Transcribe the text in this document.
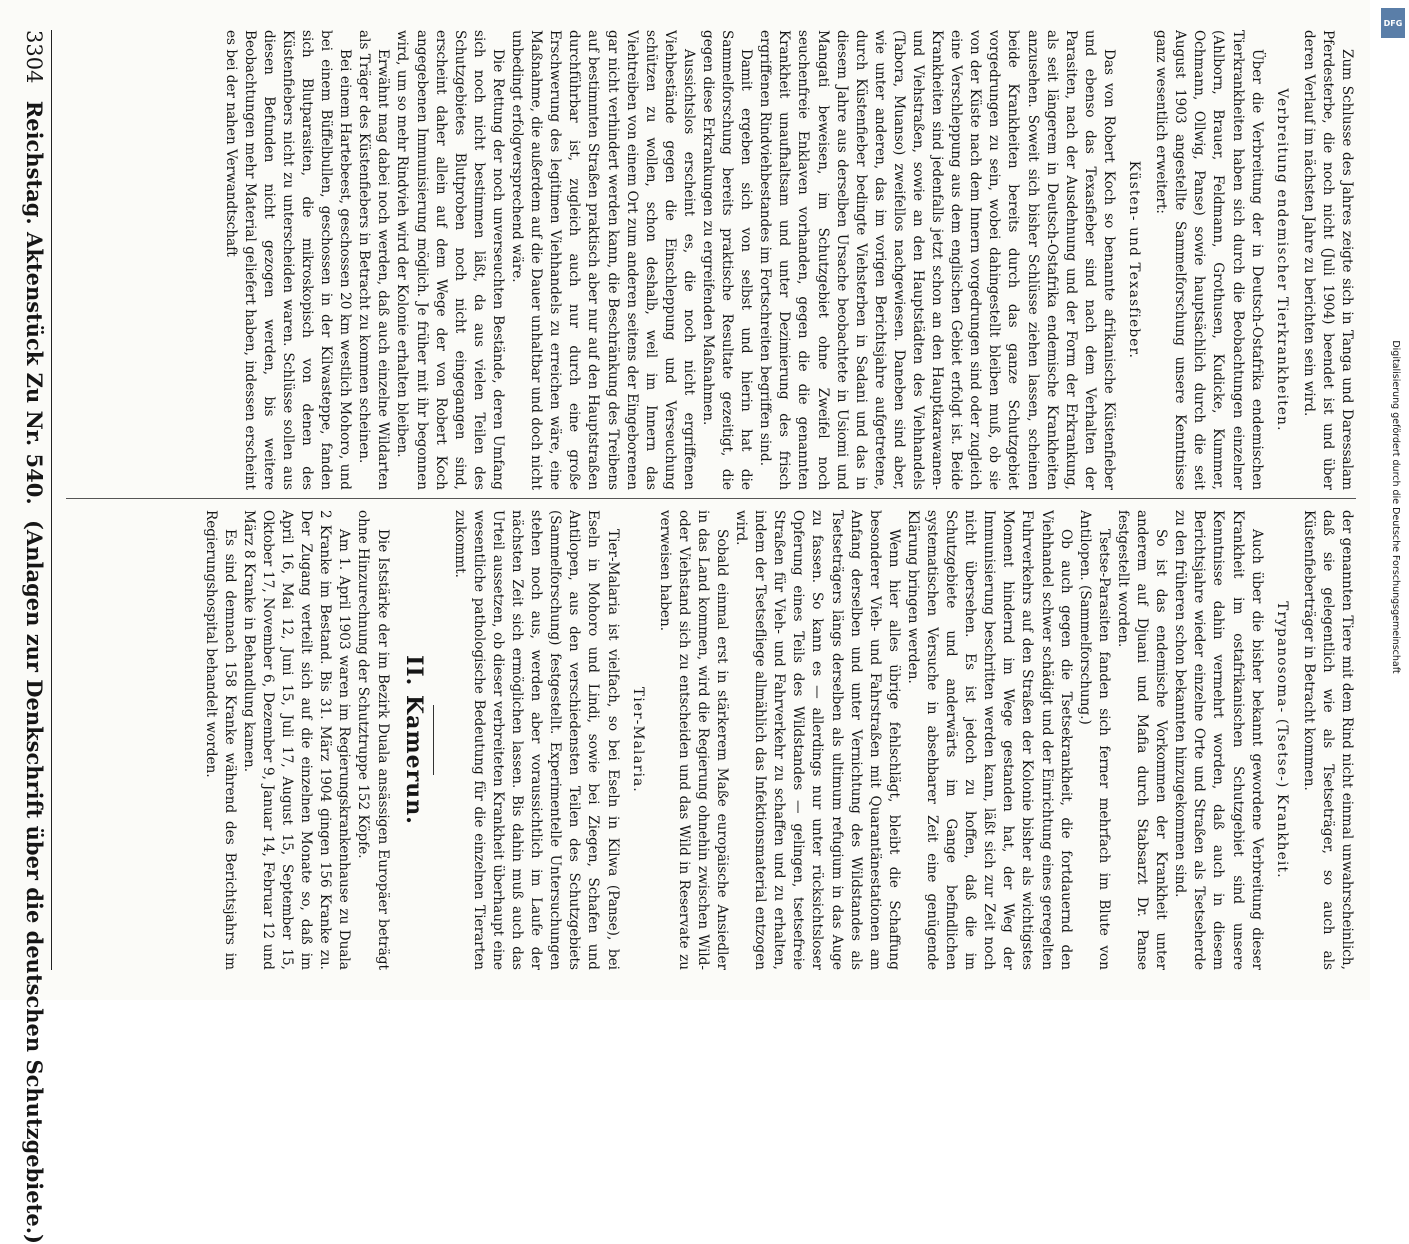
Zum Schlusse des Jahres zeigte sich in Tanga und Daressalam Pferdesterbe, die noch nicht (Juli 1904) beendet ist und über deren Verlauf im nächsten Jahre zu berichten sein wird.

Verbreitung endemischer Tierkrankheiten.

Über die Verbreitung der in Deutsch-Ostafrika endemischen Tierkrankheiten haben sich durch die Beobachtungen einzelner (Ahlborn, Brauer, Feldmann, Grothusen, Kudicke, Kummer, Ochmann, Ollwig, Panse) sowie hauptsächlich durch die seit August 1903 angestellte Sammelforschung unsere Kenntnisse ganz wesentlich erweitert:

Küsten- und Texasfieber.

Das von Robert Koch so benannte afrikanische Küstenfieber und ebenso das Texasfieber sind nach dem Verhalten der Parasiten, nach der Ausdehnung und der Form der Erkrankung, als seit längerem in Deutsch-Ostafrika endemische Krankheiten anzusehen. Soweit sich bisher Schlüsse ziehen lassen, scheinen beide Krankheiten bereits durch das ganze Schutzgebiet vorgedrungen zu sein, wobei dahingestellt bleiben muß, ob sie von der Küste nach dem Innern vorgedrungen sind oder zugleich eine Verschleppung aus dem englischen Gebiet erfolgt ist. Beide Krankheiten sind jedenfalls jetzt schon an den Hauptkarawanen- und Viehstraßen, sowie an den Hauptstädten des Viehhandels (Tabora, Muanso) zweifellos nachgewiesen. Daneben sind aber, wie unter anderen, das im vorigen Berichtsjahre aufgetretene, durch Küstenfieber bedingte Viehsterben in Sadani und das in diesem Jahre aus derselben Ursache beobachtete in Usiomi und Mangati beweisen, im Schutzgebiet ohne Zweifel noch seuchenfreie Enklaven vorhanden, gegen die die genannten Krankheit unaufhaltsam und unter Dezimierung des frisch ergriffenen Rindviehbestandes im Fortschreiten begriffen sind.

Damit ergeben sich von selbst und hierin hat die Sammelforschung bereits praktische Resultate gezeitigt, die gegen diese Erkrankungen zu ergreifenden Maßnahmen.

Aussichtslos erscheint es, die noch nicht ergriffenen Viehbestände gegen die Einschleppung und Verseuchung schützen zu wollen, schon deshalb, weil im Innern das Viehtreiben von einem Ort zum anderen seitens der Eingeborenen gar nicht verhindert werden kann, die Beschränkung des Treibens auf bestimmten Straßen praktisch aber nur auf den Hauptstraßen durchführbar ist, zugleich auch nur durch eine große Erschwerung des legitimen Viehhandels zu erreichen wäre, eine Maßnahme, die außerdem auf die Dauer unhaltbar und doch nicht unbedingt erfolgversprechend wäre.

Die Rettung der noch unverseuchten Bestände, deren Umfang sich noch nicht bestimmen läßt, da aus vielen Teilen des Schutzgebietes Blutproben noch nicht eingegangen sind, erscheint daher allein auf dem Wege der von Robert Koch angegebenen Immunisierung möglich. Je früher mit ihr begonnen wird, um so mehr Rindvieh wird der Kolonie erhalten bleiben.

Erwähnt mag dabei noch werden, daß auch einzelne Wildarten als Träger des Küstenfiebers in Betracht zu kommen scheinen.

Bei einem Hartebeest, geschossen 20 km westlich Mohoro, und bei einem Büffelbullen, geschossen in der Kilwasteppe, fanden sich Blutparasiten, die mikroskopisch von denen des Küstenfiebers nicht zu unterscheiden waren. Schlüsse sollen aus diesen Befunden nicht gezogen werden, bis weitere Beobachtungen mehr Material geliefert haben, indessen erscheint es bei der nahen Verwandtschaft

der genannten Tiere mit dem Rind nicht einmal unwahrscheinlich, daß sie gelegentlich wie als Tsetseträger, so auch als Küstenfieberträger in Betracht kommen.

Trypanosoma- (Tsetse-) Krankheit.

Auch über die bisher bekannt gewordene Verbreitung dieser Krankheit im ostafrikanischen Schutzgebiet sind unsere Kenntnisse dahin vermehrt worden, daß auch in diesem Berichtsjahre wieder einzelne Orte und Straßen als Tsetseherde zu den früheren schon bekannten hinzugekommen sind.

So ist das endemische Vorkommen der Krankheit unter anderem auf Djuani und Mafia durch Stabsarzt Dr. Panse festgestellt worden.

Tsetse-Parasiten fanden sich ferner mehrfach im Blute von Antilopen. (Sammelforschung.)

Ob auch gegen die Tsetsekrankheit, die fortdauernd den Viehhandel schwer schädigt und der Einrichtung eines geregelten Fuhrverkehrs auf den Straßen der Kolonie bisher als wichtigstes Moment hindernd im Wege gestanden hat, der Weg der Immunisierung beschritten werden kann, läßt sich zur Zeit noch nicht übersehen. Es ist jedoch zu hoffen, daß die im Schutzgebiete und anderwärts im Gange befindlichen systematischen Versuche in absehbarer Zeit eine genügende Klärung bringen werden.

Wenn hier alles übrige fehlschlägt, bleibt die Schaffung besonderer Vieh- und Fahrstraßen mit Quarantänestationen am Anfang derselben und unter Vernichtung des Wildstandes als Tsetseträgers längs derselben als ultimum refugium in das Auge zu fassen. So kann es — allerdings nur unter rücksichtsloser Opferung eines Teils des Wildstandes — gelingen, tsetsefreie Straßen für Vieh- und Fahrverkehr zu schaffen und zu erhalten, indem der Tsetsefliege allmählich das Infektionsmaterial entzogen wird.

Sobald einmal erst in stärkerem Maße europäische Ansiedler in das Land kommen, wird die Regierung ohnehin zwischen Wild- oder Viehstand sich zu entscheiden und das Wild in Reservate zu verweisen haben.

Tier-Malaria.

Tier-Malaria ist vielfach, so bei Eseln in Kilwa (Panse), bei Eseln in Mohoro und Lindi, sowie bei Ziegen, Schafen und Antilopen, aus den verschiedensten Teilen des Schutzgebiets (Sammelforschung) festgestellt. Experimentelle Untersuchungen stehen noch aus, werden aber voraussichtlich im Laufe der nächsten Zeit sich ermöglichen lassen. Bis dahin muß auch das Urteil aussetzen, ob dieser verbreiteten Krankheit überhaupt eine wesentliche pathologische Bedeutung für die einzelnen Tierarten zukommt.

II. Kamerun.

Die Iststärke der im Bezirk Duala ansässigen Europäer beträgt ohne Hinzurechnung der Schutztruppe 152 Köpfe.

Am 1. April 1903 waren im Regierungskrankenhause zu Duala 2 Kranke im Bestand. Bis 31. März 1904 gingen 156 Kranke zu. Der Zugang verteilt sich auf die einzelnen Monate so, daß im April 16, Mai 12, Juni 15, Juli 17, August 15, September 15, Oktober 17, November 6, Dezember 9, Januar 14, Februar 12 und März 8 Kranke in Behandlung kamen.

Es sind demnach 158 Kranke während des Berichtsjahrs im Regierungshospital behandelt worden.

3304 Reichstag. Aktenstück Zu Nr. 540. (Anlagen zur Denkschrift über die deutschen Schutzgebiete.)
DFG
Digitalisierung gefördert durch die Deutsche Forschungsgemeinschaft
